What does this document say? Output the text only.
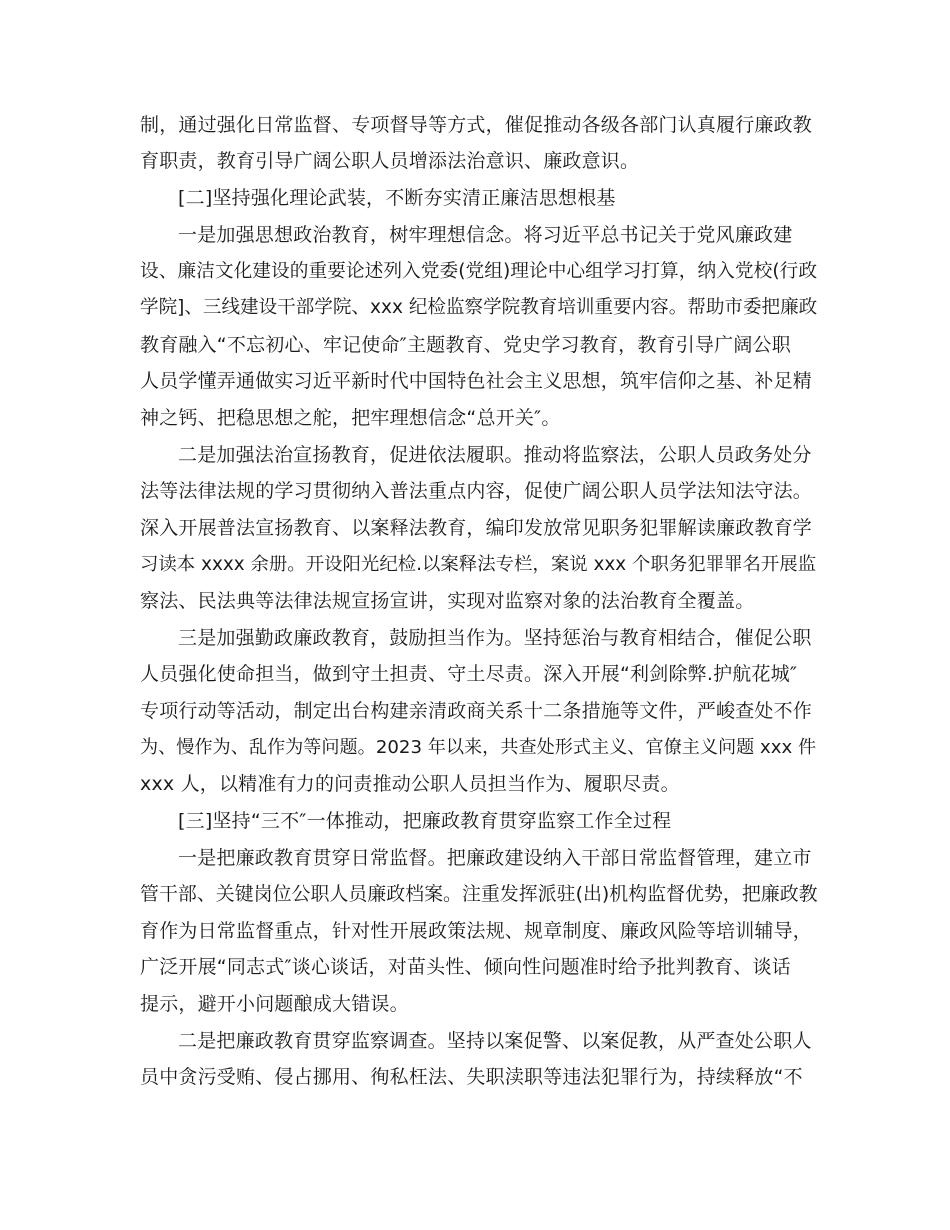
制，通过强化日常监督、专项督导等方式，催促推动各级各部门认真履行廉政教
育职责，教育引导广阔公职人员增添法治意识、廉政意识。
[二]坚持强化理论武装，不断夯实清正廉洁思想根基
一是加强思想政治教育，树牢理想信念。将习近平总书记关于党风廉政建
设、廉洁文化建设的重要论述列入党委(党组)理论中心组学习打算，纳入党校(行政
学院]、三线建设干部学院、xxx 纪检监察学院教育培训重要内容。帮助市委把廉政
教育融入“不忘初心、牢记使命″主题教育、党史学习教育，教育引导广阔公职
人员学懂弄通做实习近平新时代中国特色社会主义思想，筑牢信仰之基、补足精
神之钙、把稳思想之舵，把牢理想信念“总开关″。
二是加强法治宣扬教育，促进依法履职。推动将监察法，公职人员政务处分
法等法律法规的学习贯彻纳入普法重点内容，促使广阔公职人员学法知法守法。
深入开展普法宣扬教育、以案释法教育，编印发放常见职务犯罪解读廉政教育学
习读本 xxxx 余册。开设阳光纪检.以案释法专栏，案说 xxx 个职务犯罪罪名开展监
察法、民法典等法律法规宣扬宣讲，实现对监察对象的法治教育全覆盖。
三是加强勤政廉政教育，鼓励担当作为。坚持惩治与教育相结合，催促公职
人员强化使命担当，做到守土担责、守土尽责。深入开展“利剑除弊.护航花城″
专项行动等活动，制定出台构建亲清政商关系十二条措施等文件，严峻查处不作
为、慢作为、乱作为等问题。2023 年以来，共查处形式主义、官僚主义问题 xxx 件
xxx 人，以精准有力的问责推动公职人员担当作为、履职尽责。
[三]坚持“三不″一体推动，把廉政教育贯穿监察工作全过程
一是把廉政教育贯穿日常监督。把廉政建设纳入干部日常监督管理，建立市
管干部、关键岗位公职人员廉政档案。注重发挥派驻(出)机构监督优势，把廉政教
育作为日常监督重点，针对性开展政策法规、规章制度、廉政风险等培训辅导，
广泛开展“同志式″谈心谈话，对苗头性、倾向性问题准时给予批判教育、谈话
提示，避开小问题酿成大错误。
二是把廉政教育贯穿监察调查。坚持以案促警、以案促教，从严查处公职人
员中贪污受贿、侵占挪用、徇私枉法、失职渎职等违法犯罪行为，持续释放“不
